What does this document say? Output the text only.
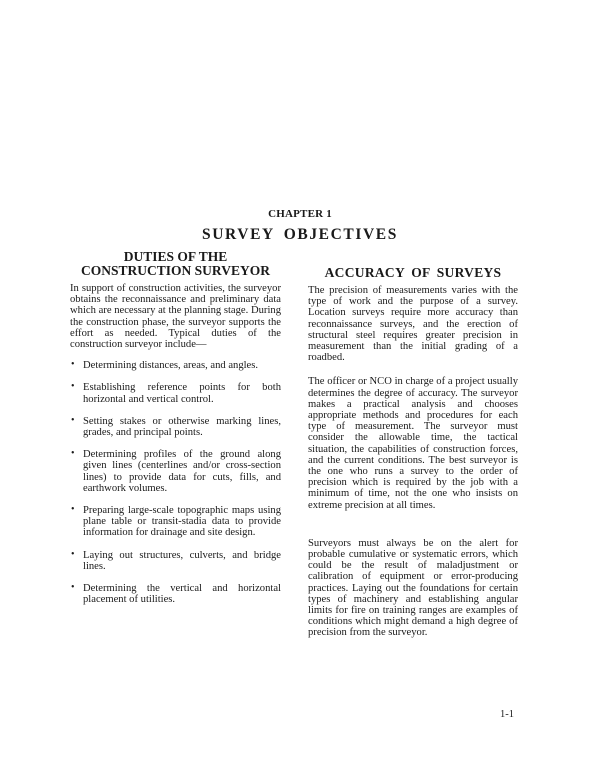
CHAPTER 1
SURVEY OBJECTIVES
DUTIES OF THE
CONSTRUCTION SURVEYOR

In support of construction activities, the surveyor obtains the reconnaissance and preliminary data which are necessary at the planning stage. During the construction phase, the surveyor supports the effort as needed. Typical duties of the construction surveyor include—

• Determining distances, areas, and angles.
• Establishing reference points for both horizontal and vertical control.
• Setting stakes or otherwise marking lines, grades, and principal points.
• Determining profiles of the ground along given lines (centerlines and/or cross-section lines) to provide data for cuts, fills, and earthwork volumes.
• Preparing large-scale topographic maps using plane table or transit-stadia data to provide information for drainage and site design.
• Laying out structures, culverts, and bridge lines.
• Determining the vertical and horizontal placement of utilities.
ACCURACY OF SURVEYS

The precision of measurements varies with the type of work and the purpose of a survey. Location surveys require more accuracy than reconnaissance surveys, and the erection of structural steel requires greater precision in measurement than the initial grading of a roadbed.

The officer or NCO in charge of a project usually determines the degree of accuracy. The surveyor makes a practical analysis and chooses appropriate methods and procedures for each type of measurement. The surveyor must consider the allowable time, the tactical situation, the capabilities of construction forces, and the current conditions. The best surveyor is the one who runs a survey to the order of precision which is required by the job with a minimum of time, not the one who insists on extreme precision at all times.

Surveyors must always be on the alert for probable cumulative or systematic errors, which could be the result of maladjustment or calibration of equipment or error-producing practices. Laying out the foundations for certain types of machinery and establishing angular limits for fire on training ranges are examples of conditions which might demand a high degree of precision from the surveyor.

1-1
